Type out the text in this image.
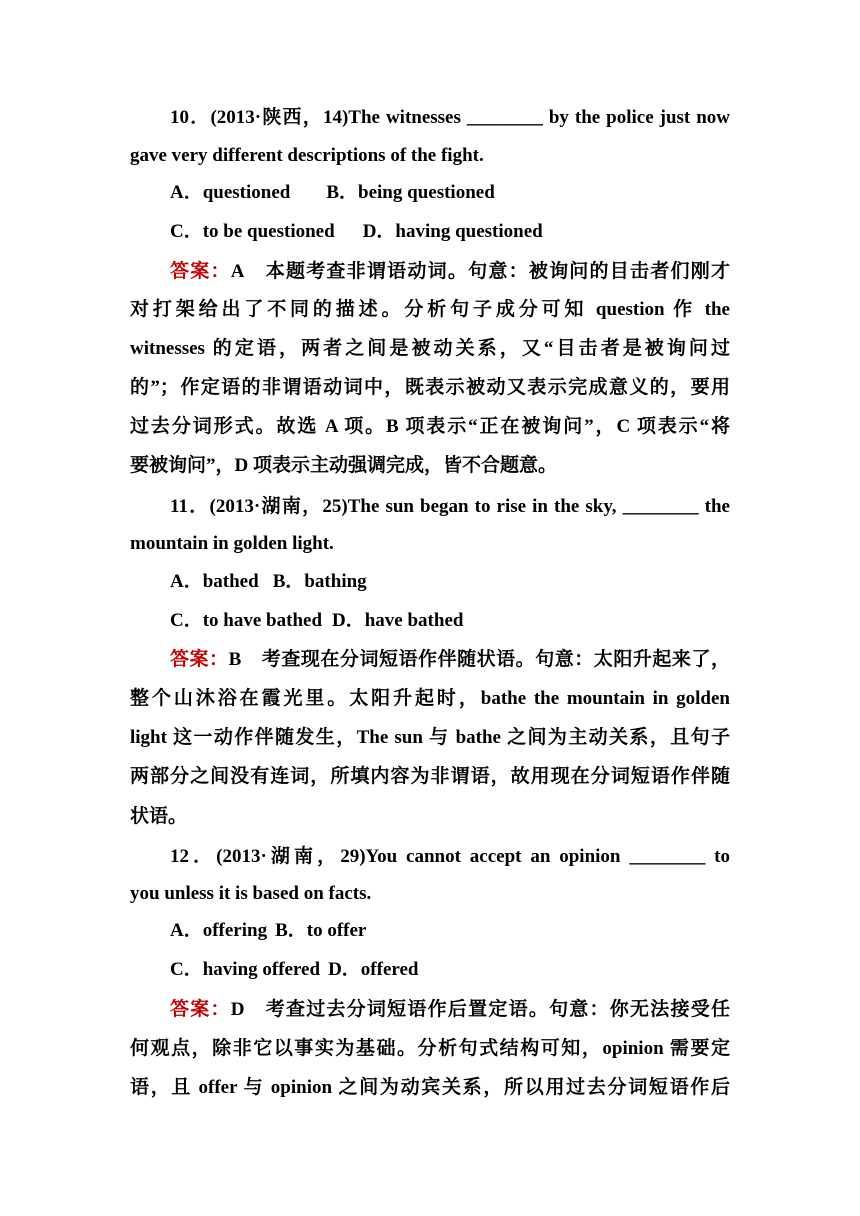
10．(2013·陕西，14)The witnesses ________ by the police just now
gave very different descriptions of the fight.
A．questioned B．being questioned
C．to be questioned D．having questioned
答案：A 本题考查非谓语动词。句意：被询问的目击者们刚才
对打架给出了不同的描述。分析句子成分可知 question 作 the
witnesses 的定语，两者之间是被动关系，又“目击者是被询问过
的”；作定语的非谓语动词中，既表示被动又表示完成意义的，要用
过去分词形式。故选 A 项。B 项表示“正在被询问”，C 项表示“将
要被询问”，D 项表示主动强调完成，皆不合题意。
11．(2013·湖南，25)The sun began to rise in the sky, ________ the
mountain in golden light.
A．bathed B．bathing
C．to have bathed D．have bathed
答案：B 考查现在分词短语作伴随状语。句意：太阳升起来了，
整个山沐浴在霞光里。太阳升起时，bathe the mountain in golden
light 这一动作伴随发生，The sun 与 bathe 之间为主动关系，且句子
两部分之间没有连词，所填内容为非谓语，故用现在分词短语作伴随
状语。
12．(2013·湖南，29)You cannot accept an opinion ________ to
you unless it is based on facts.
A．offering B．to offer
C．having offered D．offered
答案：D 考查过去分词短语作后置定语。句意：你无法接受任
何观点，除非它以事实为基础。分析句式结构可知，opinion 需要定
语，且 offer 与 opinion 之间为动宾关系，所以用过去分词短语作后
